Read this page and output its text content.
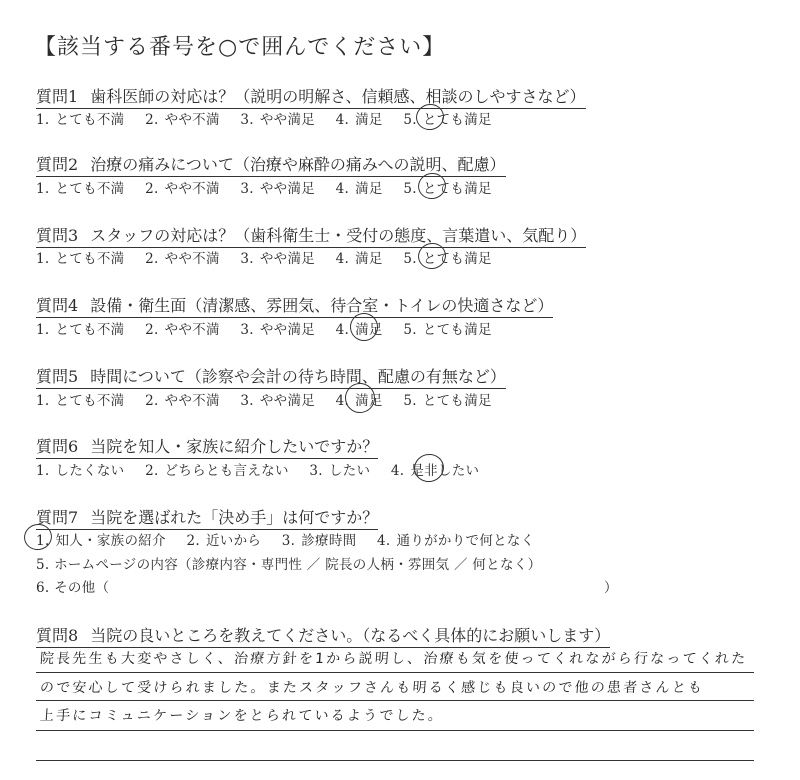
【該当する番号を○で囲んでください】
質問1 歯科医師の対応は？（説明の明解さ、信頼感、相談のしやすさなど）
1. とても不満 2. やや不満 3. やや満足 4. 満足 5. とても満足
質問2 治療の痛みについて（治療や麻酔の痛みへの説明、配慮）
1. とても不満 2. やや不満 3. やや満足 4. 満足 5. とても満足
質問3 スタッフの対応は？（歯科衛生士・受付の態度、言葉遣い、気配り）
1. とても不満 2. やや不満 3. やや満足 4. 満足 5. とても満足
質問4 設備・衛生面（清潔感、雰囲気、待合室・トイレの快適さなど）
1. とても不満 2. やや不満 3. やや満足 4. 満足 5. とても満足
質問5 時間について（診察や会計の待ち時間、配慮の有無など）
1. とても不満 2. やや不満 3. やや満足 4. 満足 5. とても満足
質問6 当院を知人・家族に紹介したいですか？
1. したくない 2. どちらとも言えない 3. したい 4. 是非したい
質問7 当院を選ばれた「決め手」は何ですか？
1. 知人・家族の紹介 2. 近いから 3. 診療時間 4. 通りがかりで何となく
5. ホームページの内容（診療内容・専門性 ／ 院長の人柄・雰囲気 ／ 何となく）
6. その他（	）
質問8 当院の良いところを教えてください。（なるべく具体的にお願いします）
院長先生も大変やさしく、治療方針を1から説明し、治療も気を使ってくれながら行なってくれた
ので安心して受けられました。またスタッフさんも明るく感じも良いので他の患者さんとも
上手にコミュニケーションをとられているようでした。
